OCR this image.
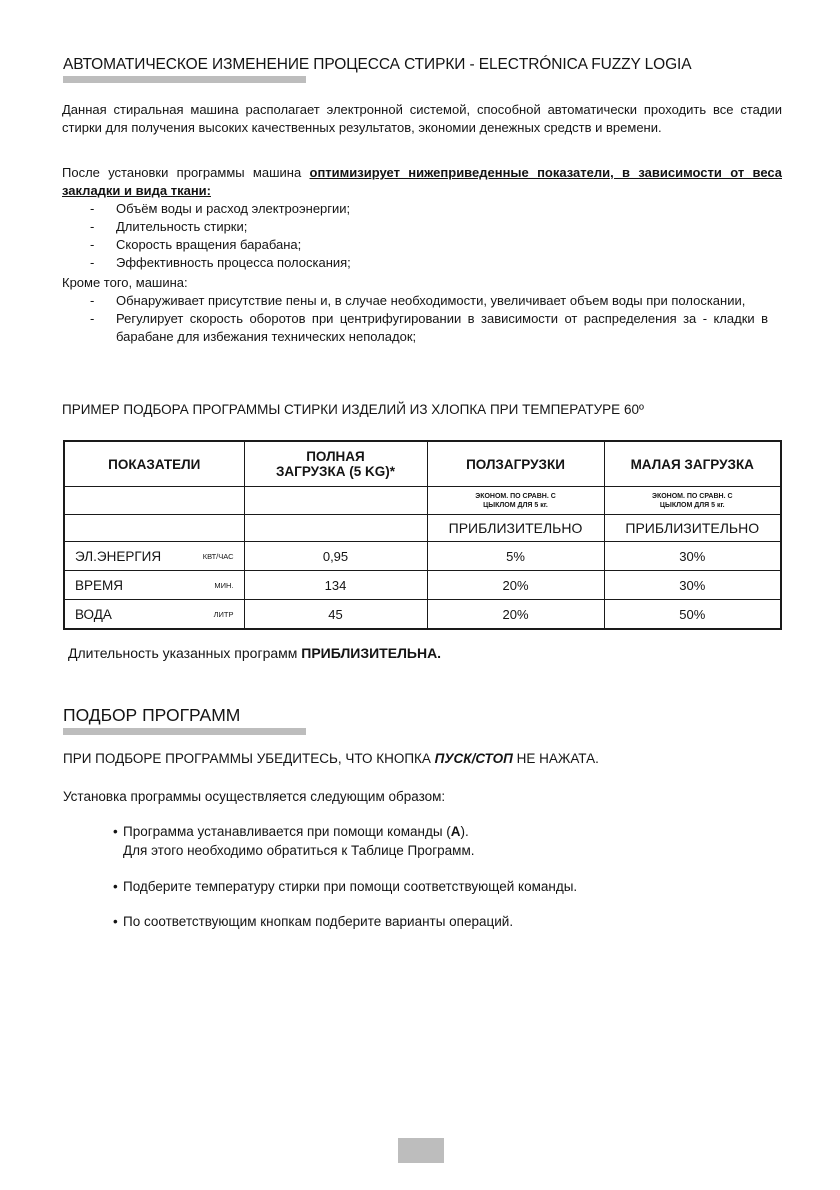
АВТОМАТИЧЕСКОЕ ИЗМЕНЕНИЕ ПРОЦЕССА СТИРКИ - ELECTRÓNICA FUZZY LOGIA
Данная стиральная машина располагает электронной системой, способной автоматически проходить все стадии стирки для получения высоких качественных результатов, экономии денежных средств и времени.
После установки программы машина оптимизирует нижеприведенные показатели, в зависимости от веса закладки и вида ткани:
- Объём воды и расход электроэнергии;
- Длительность стирки;
- Скорость вращения барабана;
- Эффективность процесса полоскания;
Кроме того, машина:
- Обнаруживает присутствие пены и, в случае необходимости, увеличивает объем воды при полоскании,
- Регулирует скорость оборотов при центрифугировании в зависимости от распределения за - кладки в барабане для избежания технических неполадок;
ПРИМЕР ПОДБОРА ПРОГРАММЫ СТИРКИ ИЗДЕЛИЙ ИЗ ХЛОПКА ПРИ ТЕМПЕРАТУРЕ 60º
ПОКАЗАТЕЛИ	ПОЛНАЯ ЗАГРУЗКА (5 KG)*	ПОЛЗАГРУЗКИ	МАЛАЯ ЗАГРУЗКА
		ЭКОНОМ. ПО СРАВН. С ЦЫКЛОМ ДЛЯ 5 кг.	ЭКОНОМ. ПО СРАВН. С ЦЫКЛОМ ДЛЯ 5 кг.
		ПРИБЛИЗИТЕЛЬНО	ПРИБЛИЗИТЕЛЬНО
ЭЛ.ЭНЕРГИЯ КВТ/ЧАС	0,95	5%	30%
ВРЕМЯ МИН.	134	20%	30%
ВОДА ЛИТР	45	20%	50%
Длительность указанных программ ПРИБЛИЗИТЕЛЬНА.
ПОДБОР ПРОГРАММ
ПРИ ПОДБОРЕ ПРОГРАММЫ УБЕДИТЕСЬ, ЧТО КНОПКА ПУСК/СТОП НЕ НАЖАТА.
Установка программы осуществляется следующим образом:
• Программа устанавливается при помощи команды (A).
Для этого необходимо обратиться к Таблице Программ.
• Подберите температуру стирки при помощи соответствующей команды.
• По соответствующим кнопкам подберите варианты операций.
